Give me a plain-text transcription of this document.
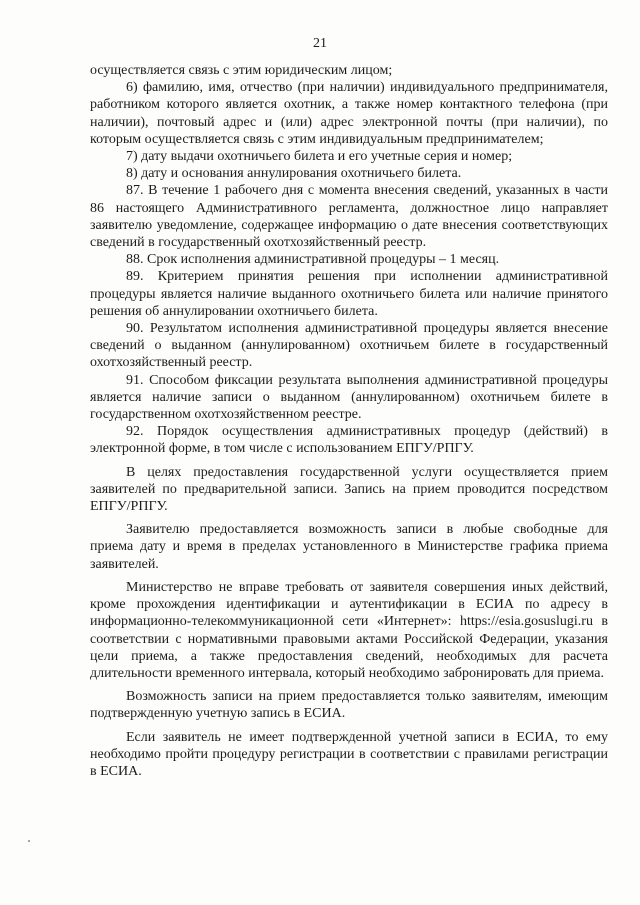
21

осуществляется связь с этим юридическим лицом;

6) фамилию, имя, отчество (при наличии) индивидуального предпринимателя, работником которого является охотник, а также номер контактного телефона (при наличии), почтовый адрес и (или) адрес электронной почты (при наличии), по которым осуществляется связь с этим индивидуальным предпринимателем;

7) дату выдачи охотничьего билета и его учетные серия и номер;

8) дату и основания аннулирования охотничьего билета.

87. В течение 1 рабочего дня с момента внесения сведений, указанных в части 86 настоящего Административного регламента, должностное лицо направляет заявителю уведомление, содержащее информацию о дате внесения соответствующих сведений в государственный охотхозяйственный реестр.

88. Срок исполнения административной процедуры – 1 месяц.

89. Критерием принятия решения при исполнении административной процедуры является наличие выданного охотничьего билета или наличие принятого решения об аннулировании охотничьего билета.

90. Результатом исполнения административной процедуры является внесение сведений о выданном (аннулированном) охотничьем билете в государственный охотхозяйственный реестр.

91. Способом фиксации результата выполнения административной процедуры является наличие записи о выданном (аннулированном) охотничьем билете в государственном охотхозяйственном реестре.

92. Порядок осуществления административных процедур (действий) в электронной форме, в том числе с использованием ЕПГУ/РПГУ.

В целях предоставления государственной услуги осуществляется прием заявителей по предварительной записи. Запись на прием проводится посредством ЕПГУ/РПГУ.

Заявителю предоставляется возможность записи в любые свободные для приема дату и время в пределах установленного в Министерстве графика приема заявителей.

Министерство не вправе требовать от заявителя совершения иных действий, кроме прохождения идентификации и аутентификации в ЕСИА по адресу в информационно-телекоммуникационной сети «Интернет»: https://esia.gosuslugi.ru в соответствии с нормативными правовыми актами Российской Федерации, указания цели приема, а также предоставления сведений, необходимых для расчета длительности временного интервала, который необходимо забронировать для приема.

Возможность записи на прием предоставляется только заявителям, имеющим подтвержденную учетную запись в ЕСИА.

Если заявитель не имеет подтвержденной учетной записи в ЕСИА, то ему необходимо пройти процедуру регистрации в соответствии с правилами регистрации в ЕСИА.
